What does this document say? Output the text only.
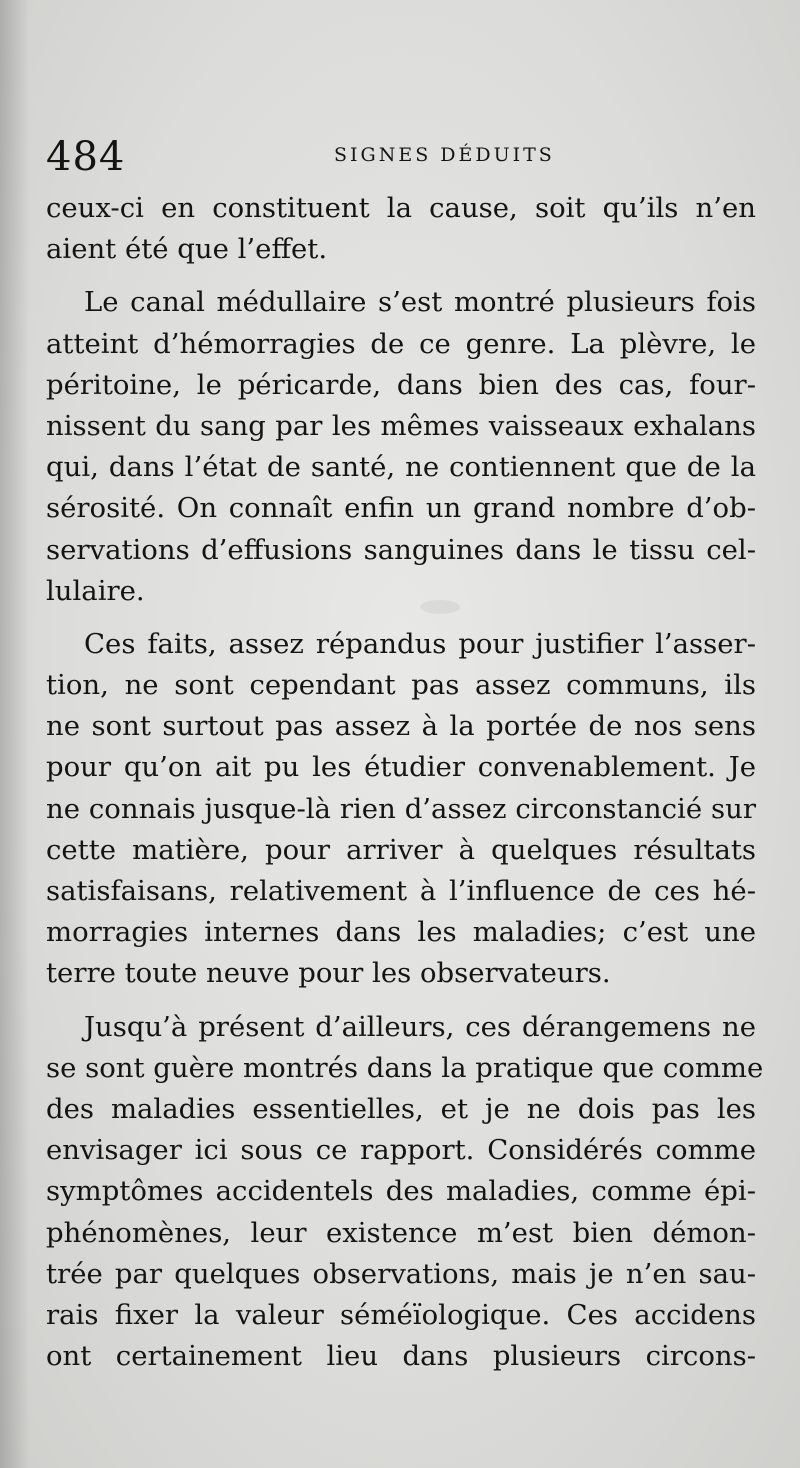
484	SIGNES DÉDUITS
ceux-ci en constituent la cause, soit qu’ils n’en
aient été que l’effet.
Le canal médullaire s’est montré plusieurs fois
atteint d’hémorragies de ce genre. La plèvre, le
péritoine, le péricarde, dans bien des cas, four-
nissent du sang par les mêmes vaisseaux exhalans
qui, dans l’état de santé, ne contiennent que de la
sérosité. On connaît enfin un grand nombre d’ob-
servations d’effusions sanguines dans le tissu cel-
lulaire.
Ces faits, assez répandus pour justifier l’asser-
tion, ne sont cependant pas assez communs, ils
ne sont surtout pas assez à la portée de nos sens
pour qu’on ait pu les étudier convenablement. Je
ne connais jusque-là rien d’assez circonstancié sur
cette matière, pour arriver à quelques résultats
satisfaisans, relativement à l’influence de ces hé-
morragies internes dans les maladies; c’est une
terre toute neuve pour les observateurs.
Jusqu’à présent d’ailleurs, ces dérangemens ne
se sont guère montrés dans la pratique que comme
des maladies essentielles, et je ne dois pas les
envisager ici sous ce rapport. Considérés comme
symptômes accidentels des maladies, comme épi-
phénomènes, leur existence m’est bien démon-
trée par quelques observations, mais je n’en sau-
rais fixer la valeur séméïologique. Ces accidens
ont certainement lieu dans plusieurs circons-
